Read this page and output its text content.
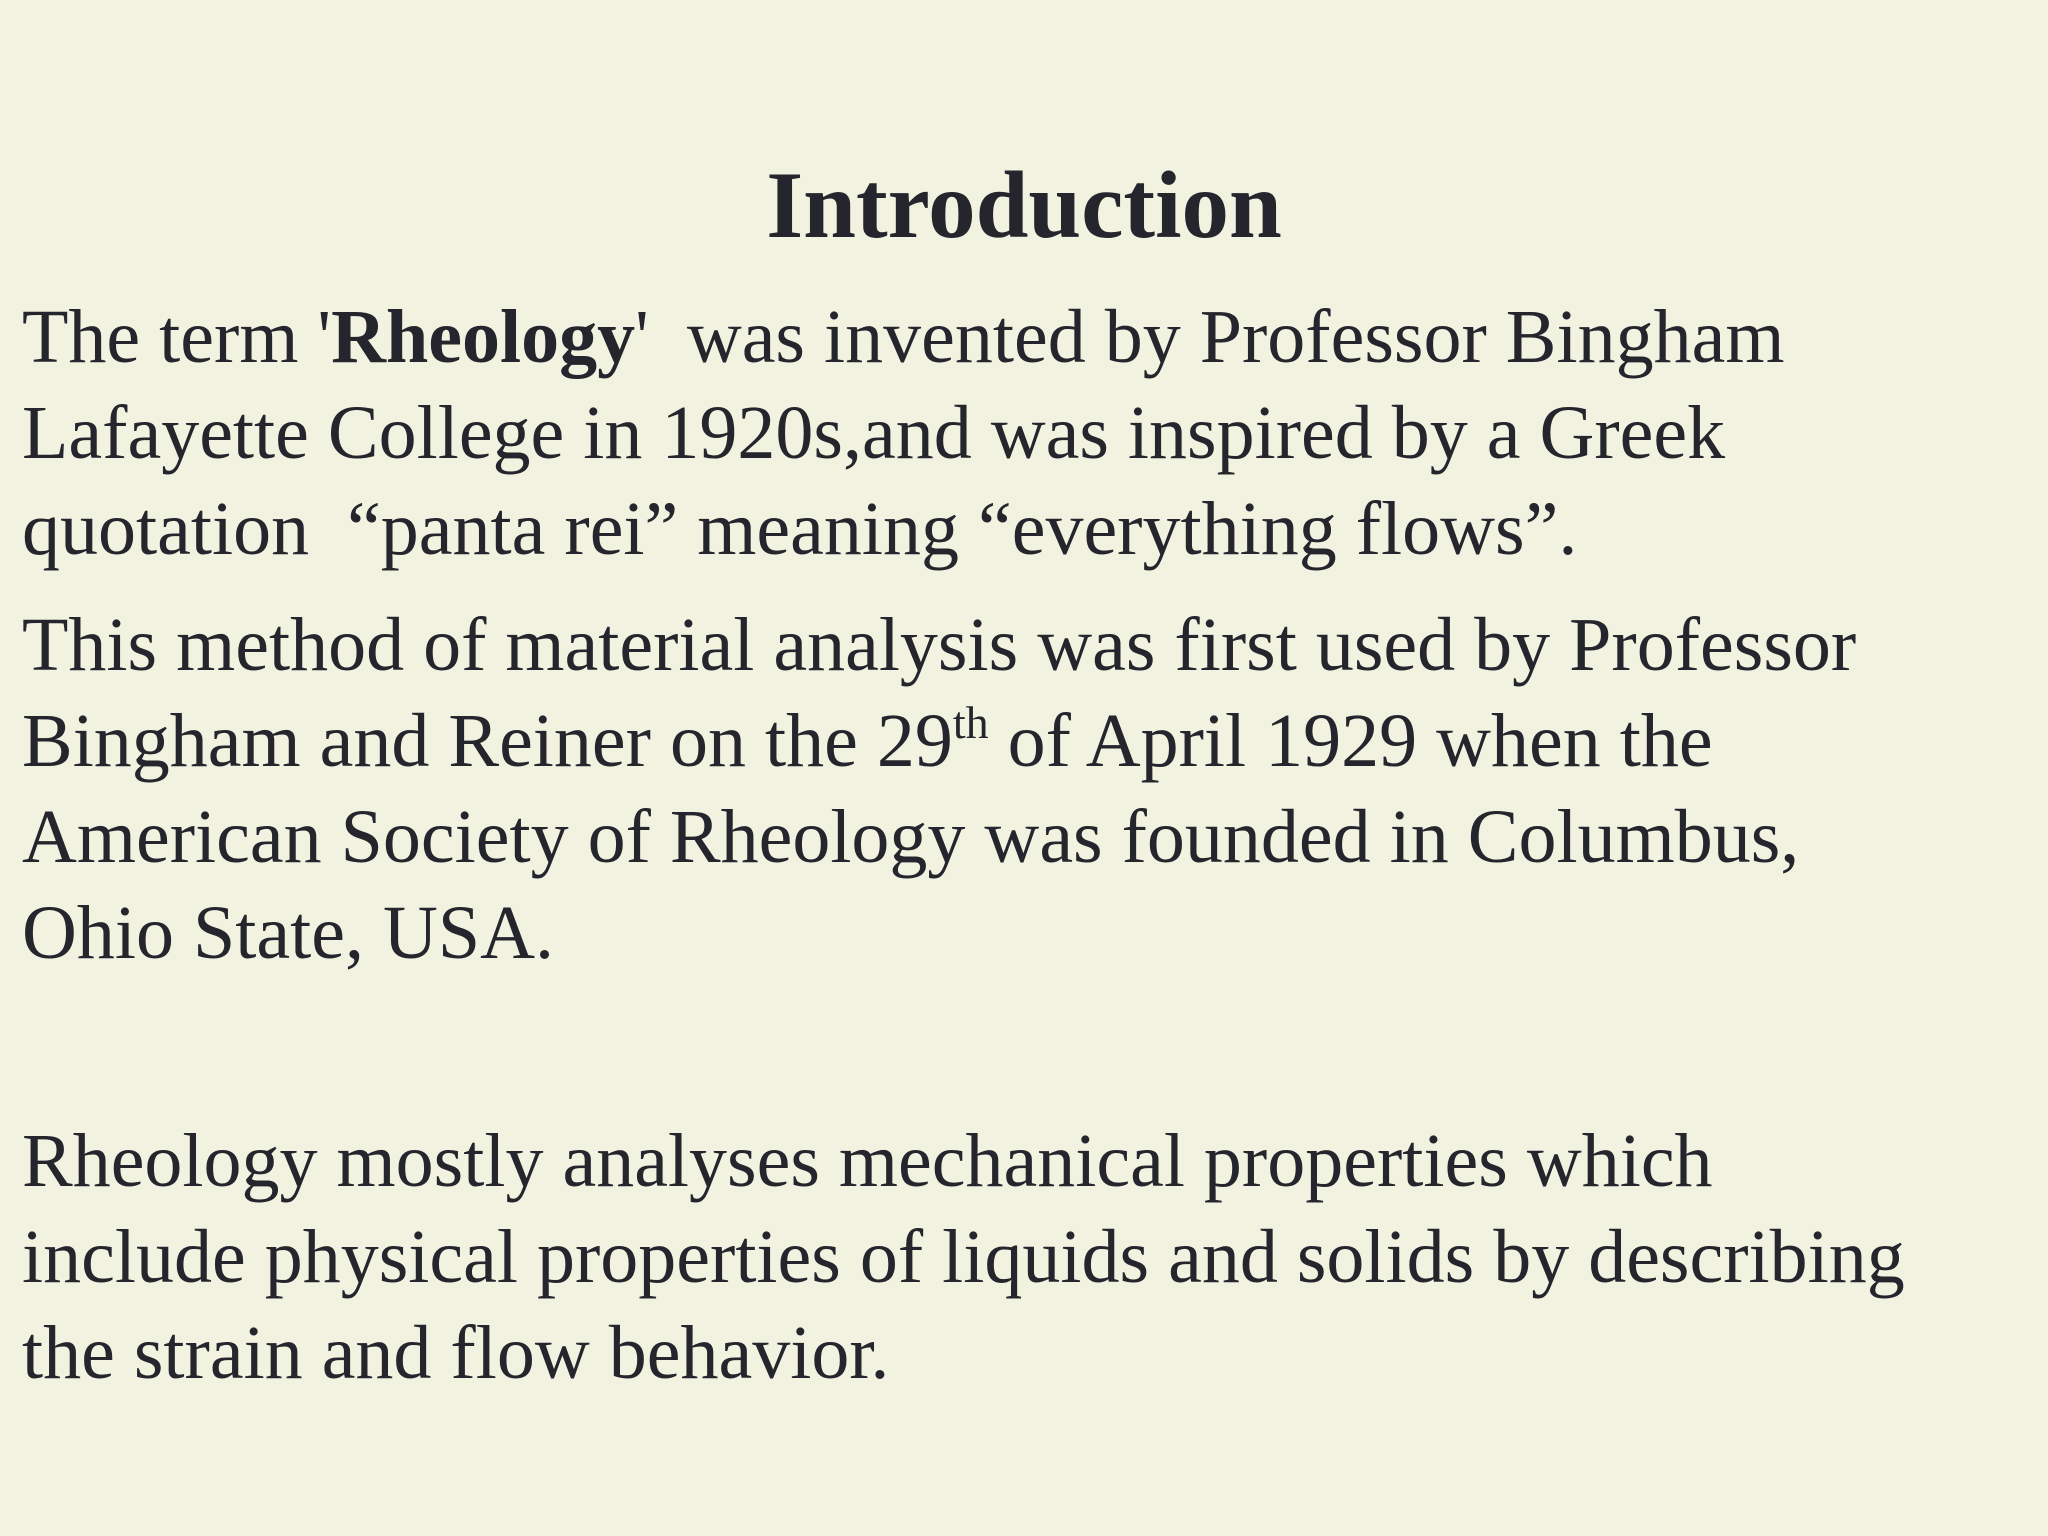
Introduction

The term 'Rheology'  was invented by Professor Bingham
Lafayette College in 1920s,and was inspired by a Greek
quotation  “panta rei” meaning “everything flows”.

This method of material analysis was first used by Professor
Bingham and Reiner on the 29th of April 1929 when the
American Society of Rheology was founded in Columbus,
Ohio State, USA.

Rheology mostly analyses mechanical properties which
include physical properties of liquids and solids by describing
the strain and flow behavior.
